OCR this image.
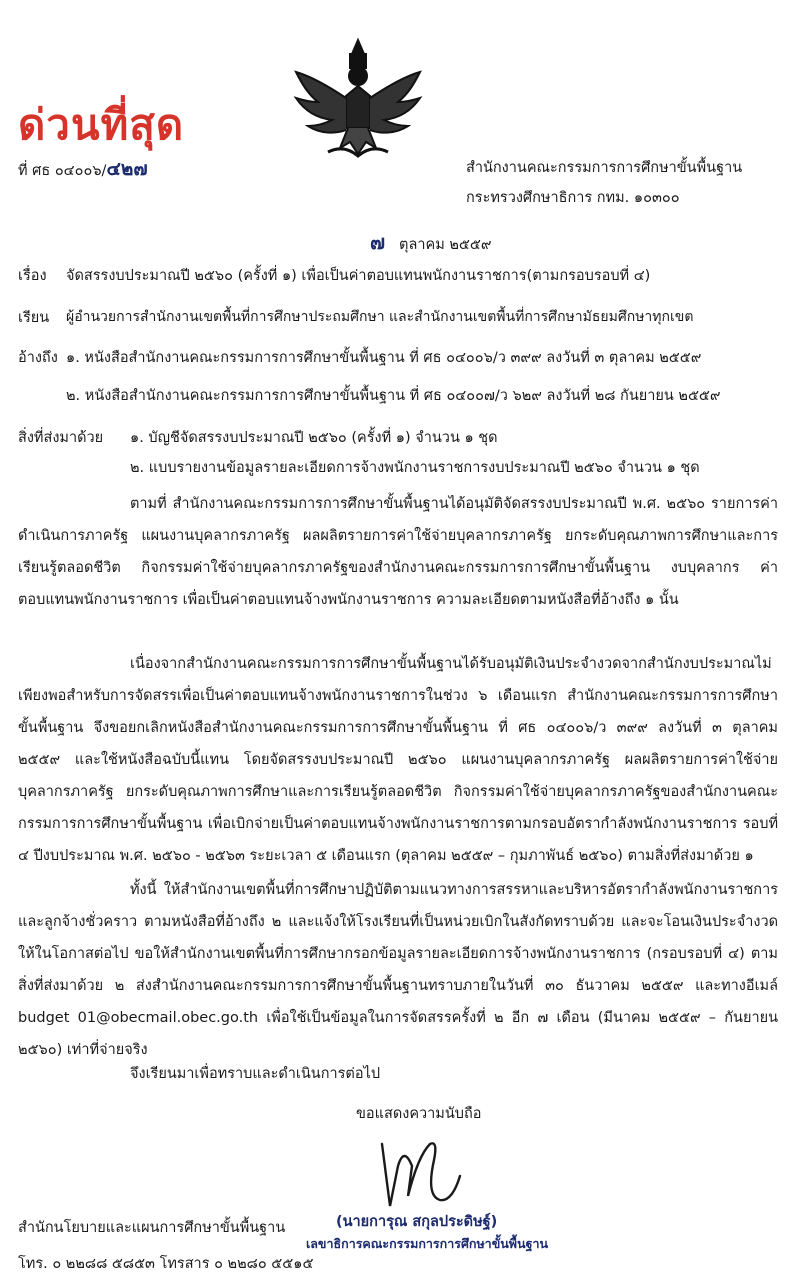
ด่วนที่สุด
ที่ ศธ ๐๔๐๐๖/๔๒๗	สำนักงานคณะกรรมการการศึกษาขั้นพื้นฐาน
กระทรวงศึกษาธิการ กทม. ๑๐๓๐๐
๗ ตุลาคม ๒๕๕๙
เรื่อง จัดสรรงบประมาณปี ๒๕๖๐ (ครั้งที่ ๑) เพื่อเป็นค่าตอบแทนพนักงานราชการ(ตามกรอบรอบที่ ๔)
เรียน ผู้อำนวยการสำนักงานเขตพื้นที่การศึกษาประถมศึกษา และสำนักงานเขตพื้นที่การศึกษามัธยมศึกษาทุกเขต
อ้างถึง ๑. หนังสือสำนักงานคณะกรรมการการศึกษาขั้นพื้นฐาน ที่ ศธ ๐๔๐๐๖/ว ๓๙๙ ลงวันที่ ๓ ตุลาคม ๒๕๕๙
๒. หนังสือสำนักงานคณะกรรมการการศึกษาขั้นพื้นฐาน ที่ ศธ ๐๔๐๐๗/ว ๖๒๙ ลงวันที่ ๒๘ กันยายน ๒๕๕๙
สิ่งที่ส่งมาด้วย ๑. บัญชีจัดสรรงบประมาณปี ๒๕๖๐ (ครั้งที่ ๑) จำนวน ๑ ชุด
๒. แบบรายงานข้อมูลรายละเอียดการจ้างพนักงานราชการงบประมาณปี ๒๕๖๐ จำนวน ๑ ชุด
ตามที่ สำนักงานคณะกรรมการการศึกษาขั้นพื้นฐานได้อนุมัติจัดสรรงบประมาณปี พ.ศ. ๒๕๖๐ รายการค่าดำเนินการภาครัฐ แผนงานบุคลากรภาครัฐ ผลผลิตรายการค่าใช้จ่ายบุคลากรภาครัฐ ยกระดับคุณภาพการศึกษาและการเรียนรู้ตลอดชีวิต กิจกรรมค่าใช้จ่ายบุคลากรภาครัฐของสำนักงานคณะกรรมการการศึกษาขั้นพื้นฐาน งบบุคลากร ค่าตอบแทนพนักงานราชการ เพื่อเป็นค่าตอบแทนจ้างพนักงานราชการ ความละเอียดตามหนังสือที่อ้างถึง ๑ นั้น
เนื่องจากสำนักงานคณะกรรมการการศึกษาขั้นพื้นฐานได้รับอนุมัติเงินประจำงวดจากสำนักงบประมาณไม่เพียงพอสำหรับการจัดสรรเพื่อเป็นค่าตอบแทนจ้างพนักงานราชการในช่วง ๖ เดือนแรก สำนักงานคณะกรรมการการศึกษาขั้นพื้นฐาน จึงขอยกเลิกหนังสือสำนักงานคณะกรรมการการศึกษาขั้นพื้นฐาน ที่ ศธ ๐๔๐๐๖/ว ๓๙๙ ลงวันที่ ๓ ตุลาคม ๒๕๕๙ และใช้หนังสือฉบับนี้แทน โดยจัดสรรงบประมาณปี ๒๕๖๐ แผนงานบุคลากรภาครัฐ ผลผลิตรายการค่าใช้จ่ายบุคลากรภาครัฐ ยกระดับคุณภาพการศึกษาและการเรียนรู้ตลอดชีวิต กิจกรรมค่าใช้จ่ายบุคลากรภาครัฐของสำนักงานคณะกรรมการการศึกษาขั้นพื้นฐาน เพื่อเบิกจ่ายเป็นค่าตอบแทนจ้างพนักงานราชการตามกรอบอัตรากำลังพนักงานราชการ รอบที่ ๔ ปีงบประมาณ พ.ศ. ๒๕๖๐ - ๒๕๖๓ ระยะเวลา ๕ เดือนแรก (ตุลาคม ๒๕๕๙ – กุมภาพันธ์ ๒๕๖๐) ตามสิ่งที่ส่งมาด้วย ๑
ทั้งนี้ ให้สำนักงานเขตพื้นที่การศึกษาปฏิบัติตามแนวทางการสรรหาและบริหารอัตรากำลังพนักงานราชการและลูกจ้างชั่วคราว ตามหนังสือที่อ้างถึง ๒ และแจ้งให้โรงเรียนที่เป็นหน่วยเบิกในสังกัดทราบด้วย และจะโอนเงินประจำงวดให้ในโอกาสต่อไป ขอให้สำนักงานเขตพื้นที่การศึกษากรอกข้อมูลรายละเอียดการจ้างพนักงานราชการ (กรอบรอบที่ ๔) ตามสิ่งที่ส่งมาด้วย ๒ ส่งสำนักงานคณะกรรมการการศึกษาขั้นพื้นฐานทราบภายในวันที่ ๓๐ ธันวาคม ๒๕๕๙ และทางอีเมล์ budget 01@obecmail.obec.go.th เพื่อใช้เป็นข้อมูลในการจัดสรรครั้งที่ ๒ อีก ๗ เดือน (มีนาคม ๒๕๕๙ – กันยายน ๒๕๖๐) เท่าที่จ่ายจริง
จึงเรียนมาเพื่อทราบและดำเนินการต่อไป
ขอแสดงความนับถือ
(นายการุณ สกุลประดิษฐ์)
เลขาธิการคณะกรรมการการศึกษาขั้นพื้นฐาน
สำนักนโยบายและแผนการศึกษาขั้นพื้นฐาน
โทร. ๐ ๒๒๘๘ ๕๘๕๓ โทรสาร ๐ ๒๒๘๐ ๕๕๑๕
